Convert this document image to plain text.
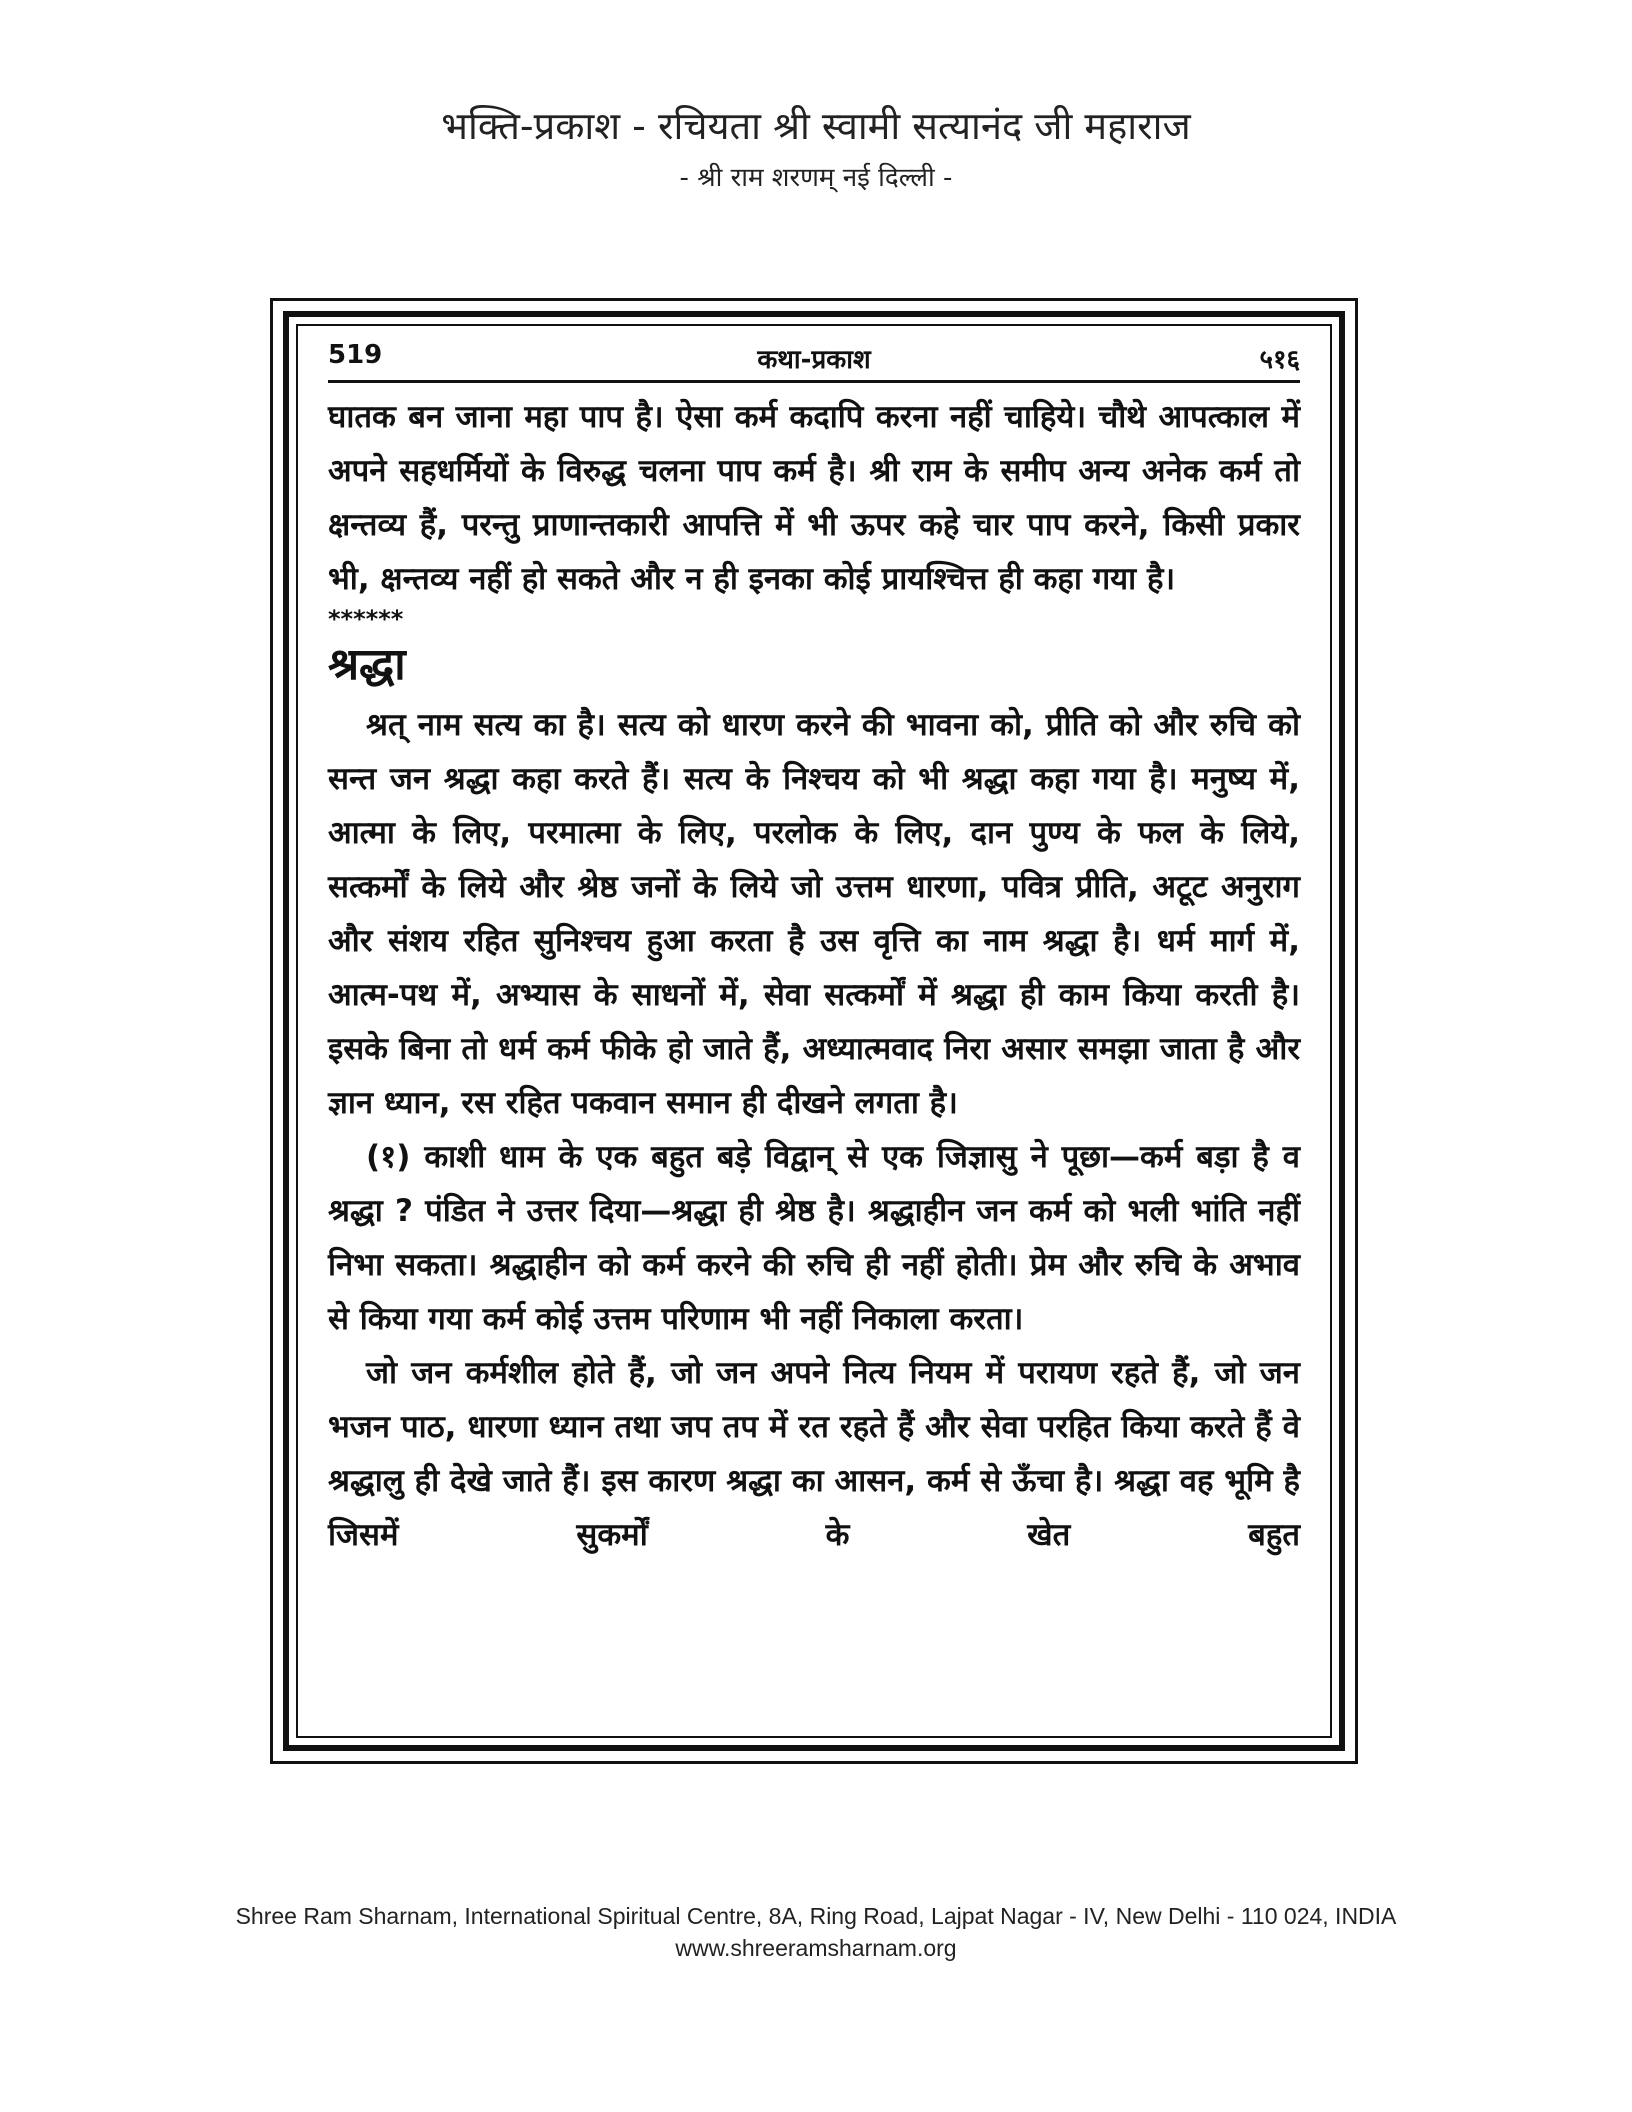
भक्ति-प्रकाश - रचियता श्री स्वामी सत्यानंद जी महाराज
- श्री राम शरणम् नई दिल्ली -
519	कथा-प्रकाश	५१६

घातक बन जाना महा पाप है। ऐसा कर्म कदापि करना नहीं चाहिये। चौथे आपत्काल में अपने सहधर्मियों के विरुद्ध चलना पाप कर्म है। श्री राम के समीप अन्य अनेक कर्म तो क्षन्तव्य हैं, परन्तु प्राणान्तकारी आपत्ति में भी ऊपर कहे चार पाप करने, किसी प्रकार भी, क्षन्तव्य नहीं हो सकते और न ही इनका कोई प्रायश्चित्त ही कहा गया है।

******

श्रद्धा

श्रत् नाम सत्य का है। सत्य को धारण करने की भावना को, प्रीति को और रुचि को सन्त जन श्रद्धा कहा करते हैं। सत्य के निश्चय को भी श्रद्धा कहा गया है। मनुष्य में, आत्मा के लिए, परमात्मा के लिए, परलोक के लिए, दान पुण्य के फल के लिये, सत्कर्मों के लिये और श्रेष्ठ जनों के लिये जो उत्तम धारणा, पवित्र प्रीति, अटूट अनुराग और संशय रहित सुनिश्चय हुआ करता है उस वृत्ति का नाम श्रद्धा है। धर्म मार्ग में, आत्म-पथ में, अभ्यास के साधनों में, सेवा सत्कर्मों में श्रद्धा ही काम किया करती है। इसके बिना तो धर्म कर्म फीके हो जाते हैं, अध्यात्मवाद निरा असार समझा जाता है और ज्ञान ध्यान, रस रहित पकवान समान ही दीखने लगता है।

(१) काशी धाम के एक बहुत बड़े विद्वान् से एक जिज्ञासु ने पूछा—कर्म बड़ा है व श्रद्धा ? पंडित ने उत्तर दिया—श्रद्धा ही श्रेष्ठ है। श्रद्धाहीन जन कर्म को भली भांति नहीं निभा सकता। श्रद्धाहीन को कर्म करने की रुचि ही नहीं होती। प्रेम और रुचि के अभाव से किया गया कर्म कोई उत्तम परिणाम भी नहीं निकाला करता।

जो जन कर्मशील होते हैं, जो जन अपने नित्य नियम में परायण रहते हैं, जो जन भजन पाठ, धारणा ध्यान तथा जप तप में रत रहते हैं और सेवा परहित किया करते हैं वे श्रद्धालु ही देखे जाते हैं। इस कारण श्रद्धा का आसन, कर्म से ऊँचा है। श्रद्धा वह भूमि है जिसमें सुकर्मों के खेत बहुत

Shree Ram Sharnam, International Spiritual Centre, 8A, Ring Road, Lajpat Nagar - IV, New Delhi - 110 024, INDIA
www.shreeramsharnam.org
